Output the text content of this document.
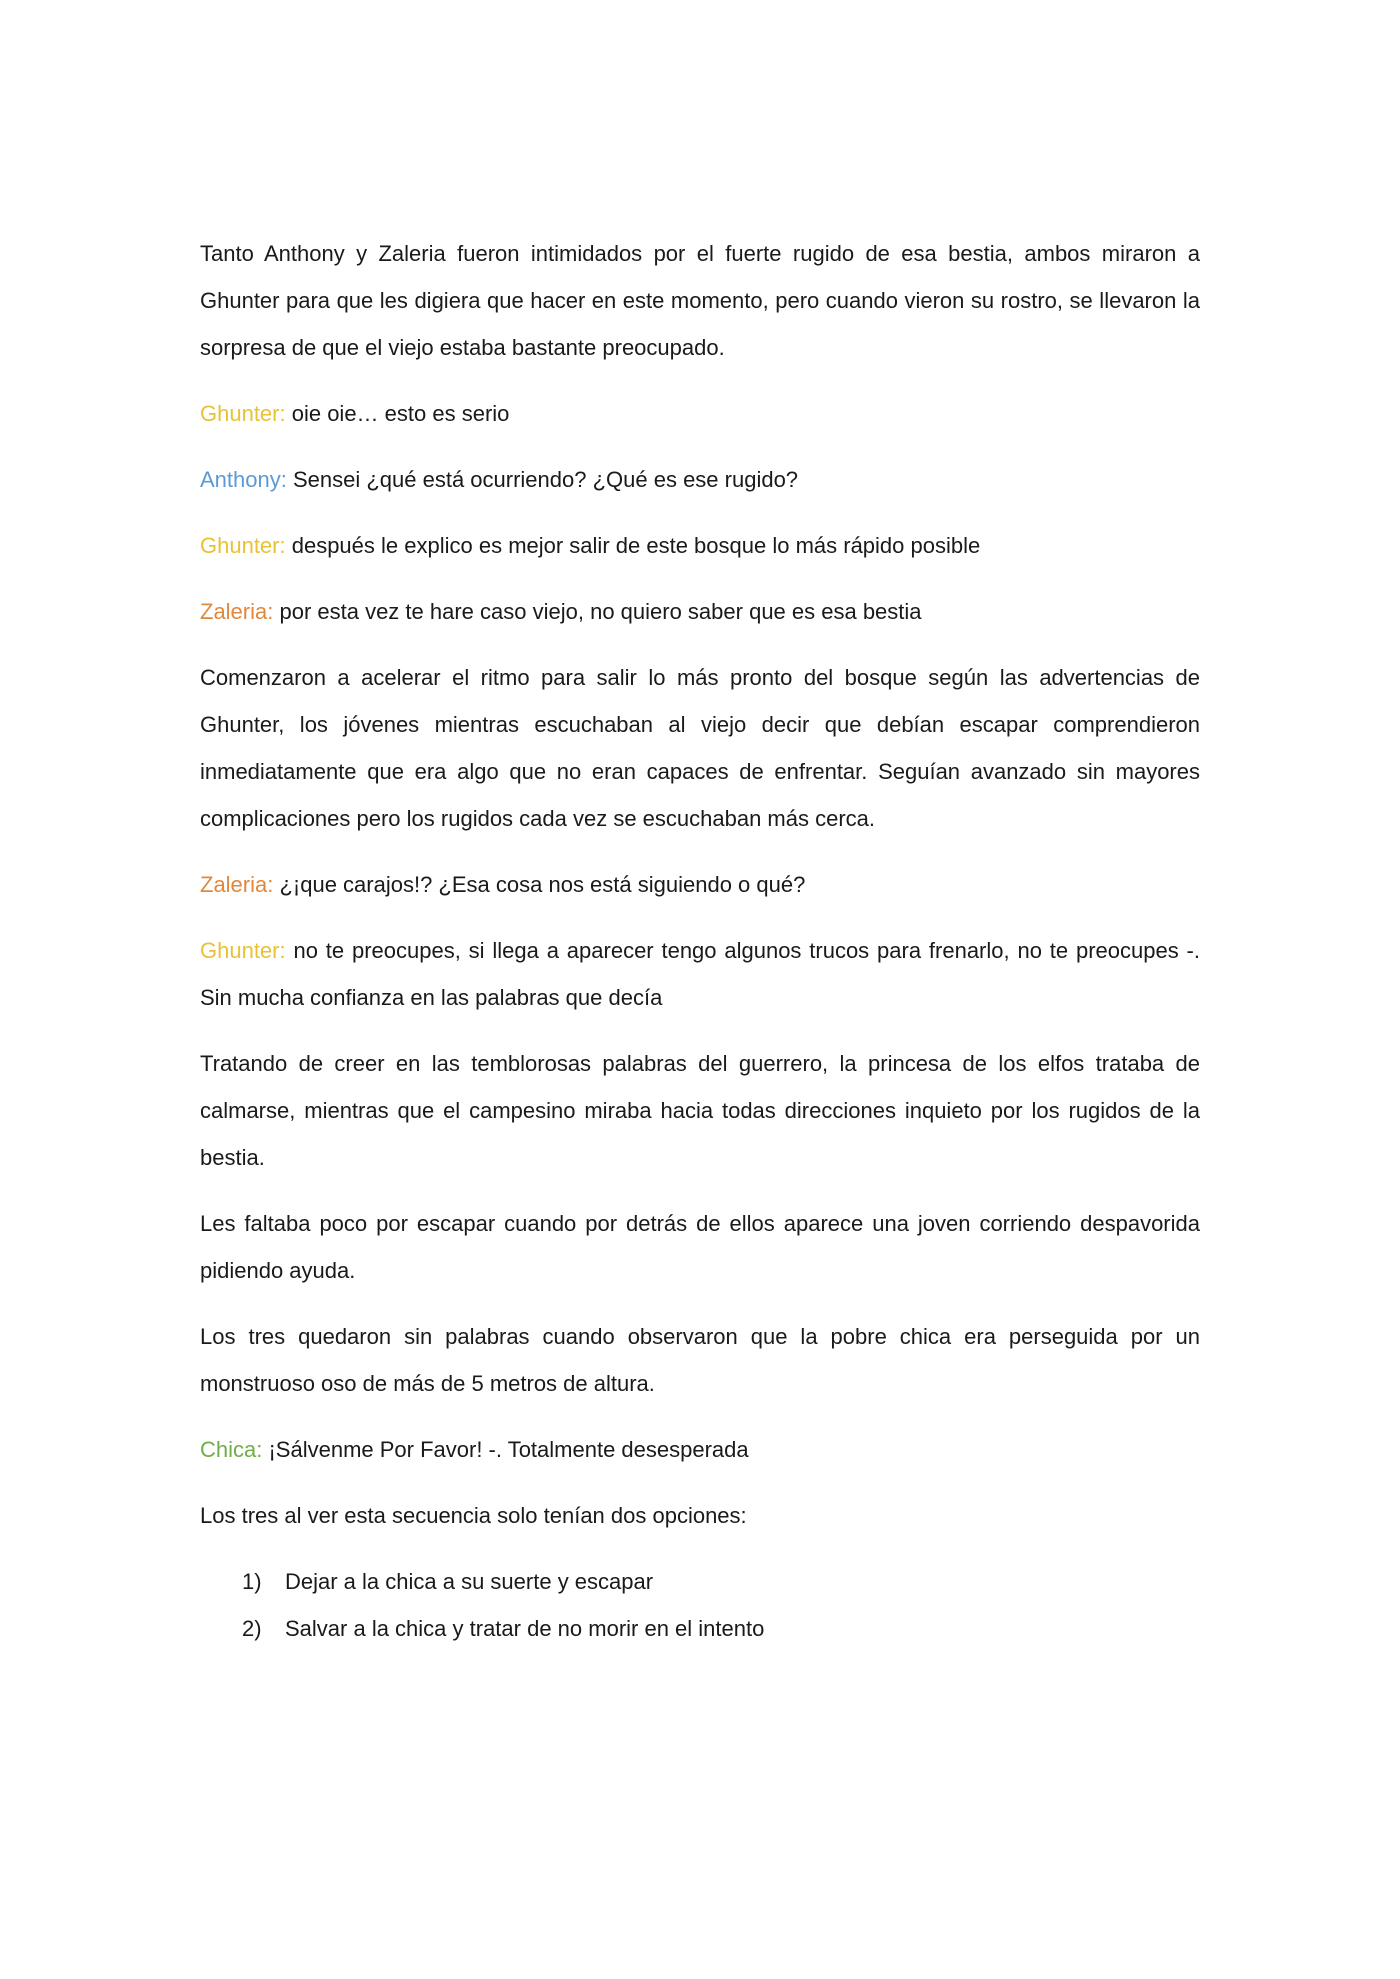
Tanto Anthony y Zaleria fueron intimidados por el fuerte rugido de esa bestia, ambos miraron a Ghunter para que les digiera que hacer en este momento, pero cuando vieron su rostro, se llevaron la sorpresa de que el viejo estaba bastante preocupado.

Ghunter: oie oie… esto es serio

Anthony: Sensei ¿qué está ocurriendo? ¿Qué es ese rugido?

Ghunter: después le explico es mejor salir de este bosque lo más rápido posible

Zaleria: por esta vez te hare caso viejo, no quiero saber que es esa bestia

Comenzaron a acelerar el ritmo para salir lo más pronto del bosque según las advertencias de Ghunter, los jóvenes mientras escuchaban al viejo decir que debían escapar comprendieron inmediatamente que era algo que no eran capaces de enfrentar. Seguían avanzado sin mayores complicaciones pero los rugidos cada vez se escuchaban más cerca.

Zaleria: ¿¡que carajos!? ¿Esa cosa nos está siguiendo o qué?

Ghunter: no te preocupes, si llega a aparecer tengo algunos trucos para frenarlo, no te preocupes -. Sin mucha confianza en las palabras que decía

Tratando de creer en las temblorosas palabras del guerrero, la princesa de los elfos trataba de calmarse, mientras que el campesino miraba hacia todas direcciones inquieto por los rugidos de la bestia.

Les faltaba poco por escapar cuando por detrás de ellos aparece una joven corriendo despavorida pidiendo ayuda.

Los tres quedaron sin palabras cuando observaron que la pobre chica era perseguida por un monstruoso oso de más de 5 metros de altura.

Chica: ¡Sálvenme Por Favor! -. Totalmente desesperada

Los tres al ver esta secuencia solo tenían dos opciones:

1)	Dejar a la chica a su suerte y escapar
2)	Salvar a la chica y tratar de no morir en el intento
